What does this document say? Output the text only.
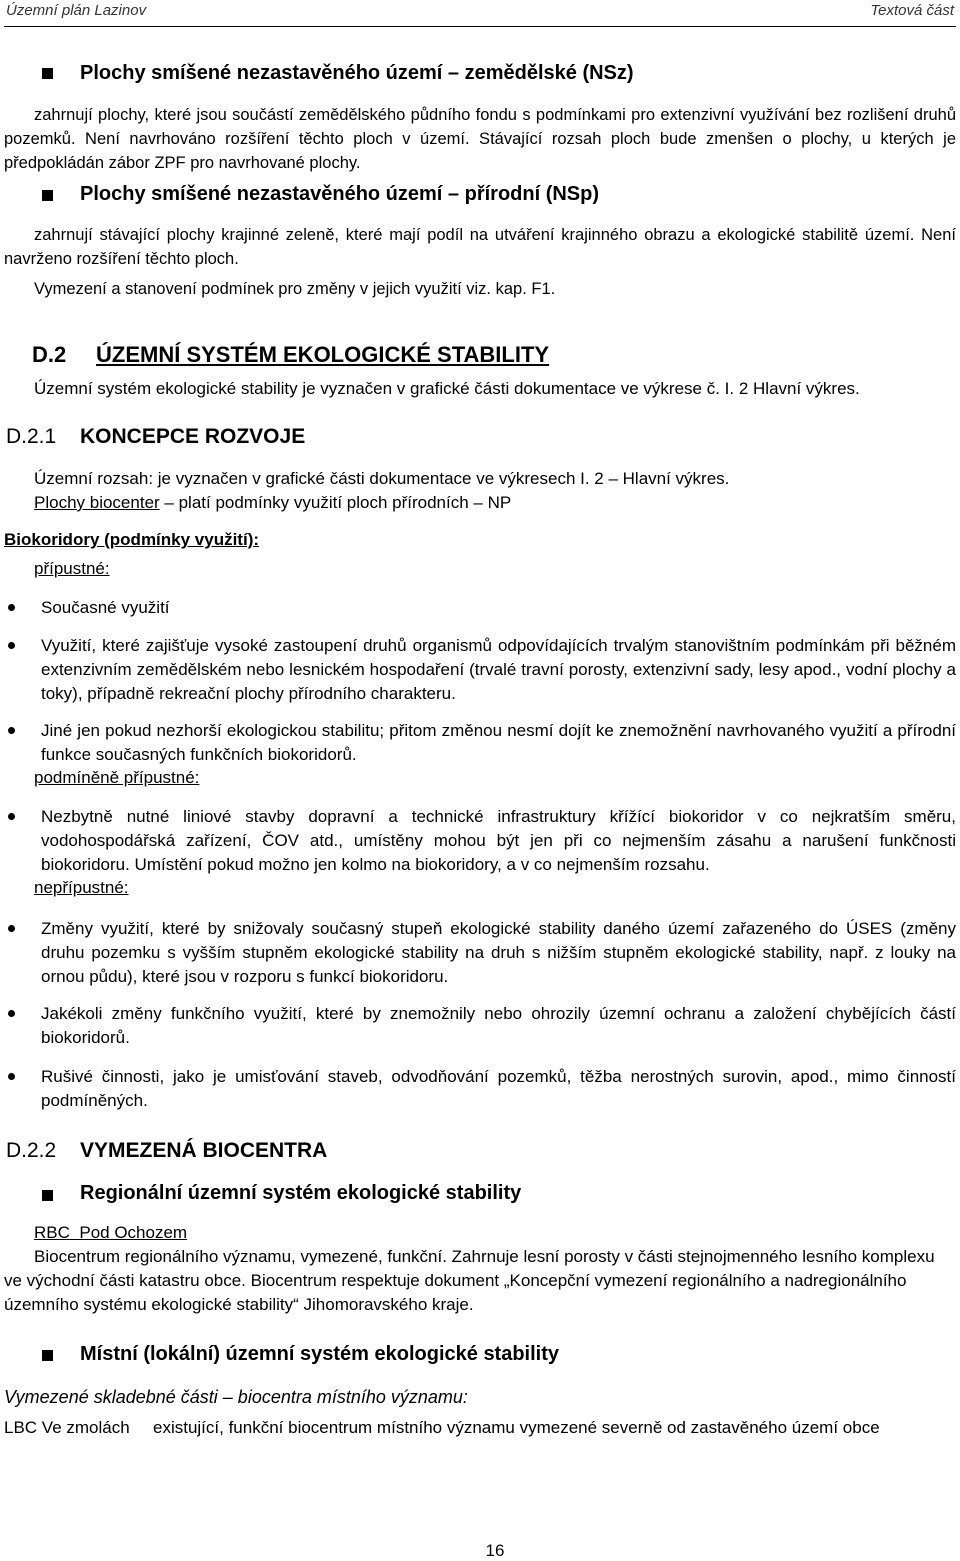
Územní plán Lazinov	Textová část
Plochy smíšené nezastavěného území – zemědělské (NSz)
zahrnují plochy, které jsou součástí zemědělského půdního fondu s podmínkami pro extenzivní využívání bez rozlišení druhů pozemků. Není navrhováno rozšíření těchto ploch v území. Stávající rozsah ploch bude zmenšen o plochy, u kterých je předpokládán zábor ZPF pro navrhované plochy.
Plochy smíšené nezastavěného území – přírodní (NSp)
zahrnují stávající plochy krajinné zeleně, které mají podíl na utváření krajinného obrazu a ekologické stabilitě území. Není navrženo rozšíření těchto ploch.
Vymezení a stanovení podmínek pro změny v jejich využití viz. kap. F1.
D.2 ÚZEMNÍ SYSTÉM EKOLOGICKÉ STABILITY
Územní systém ekologické stability je vyznačen v grafické části dokumentace ve výkrese č. I. 2 Hlavní výkres.
D.2.1 KONCEPCE ROZVOJE
Územní rozsah: je vyznačen v grafické části dokumentace ve výkresech I. 2 – Hlavní výkres.
Plochy biocenter – platí podmínky využití ploch přírodních – NP
Biokoridory (podmínky využití):
přípustné:
Současné využití
Využití, které zajišťuje vysoké zastoupení druhů organismů odpovídajících trvalým stanovištním podmínkám při běžném extenzivním zemědělském nebo lesnickém hospodaření (trvalé travní porosty, extenzivní sady, lesy apod., vodní plochy a toky), případně rekreační plochy přírodního charakteru.
Jiné jen pokud nezhorší ekologickou stabilitu; přitom změnou nesmí dojít ke znemožnění navrhovaného využití a přírodní funkce současných funkčních biokoridorů.
podmíněně přípustné:
Nezbytně nutné liniové stavby dopravní a technické infrastruktury křížící biokoridor v co nejkratším směru, vodohospodářská zařízení, ČOV atd., umístěny mohou být jen při co nejmenším zásahu a narušení funkčnosti biokoridoru. Umístění pokud možno jen kolmo na biokoridory, a v co nejmenším rozsahu.
nepřípustné:
Změny využití, které by snižovaly současný stupeň ekologické stability daného území zařazeného do ÚSES (změny druhu pozemku s vyšším stupněm ekologické stability na druh s nižším stupněm ekologické stability, např. z louky na ornou půdu), které jsou v rozporu s funkcí biokoridoru.
Jakékoli změny funkčního využití, které by znemožnily nebo ohrozily územní ochranu a založení chybějících částí biokoridorů.
Rušivé činnosti, jako je umisťování staveb, odvodňování pozemků, těžba nerostných surovin, apod., mimo činností podmíněných.
D.2.2 VYMEZENÁ BIOCENTRA
Regionální územní systém ekologické stability
RBC Pod Ochozem
Biocentrum regionálního významu, vymezené, funkční. Zahrnuje lesní porosty v části stejnojmenného lesního komplexu
ve východní části katastru obce. Biocentrum respektuje dokument „Koncepční vymezení regionálního a nadregionálního územního systému ekologické stability“ Jihomoravského kraje.
Místní (lokální) územní systém ekologické stability
Vymezené skladebné části – biocentra místního významu:
LBC Ve zmolách existující, funkční biocentrum místního významu vymezené severně od zastavěného území obce
16
